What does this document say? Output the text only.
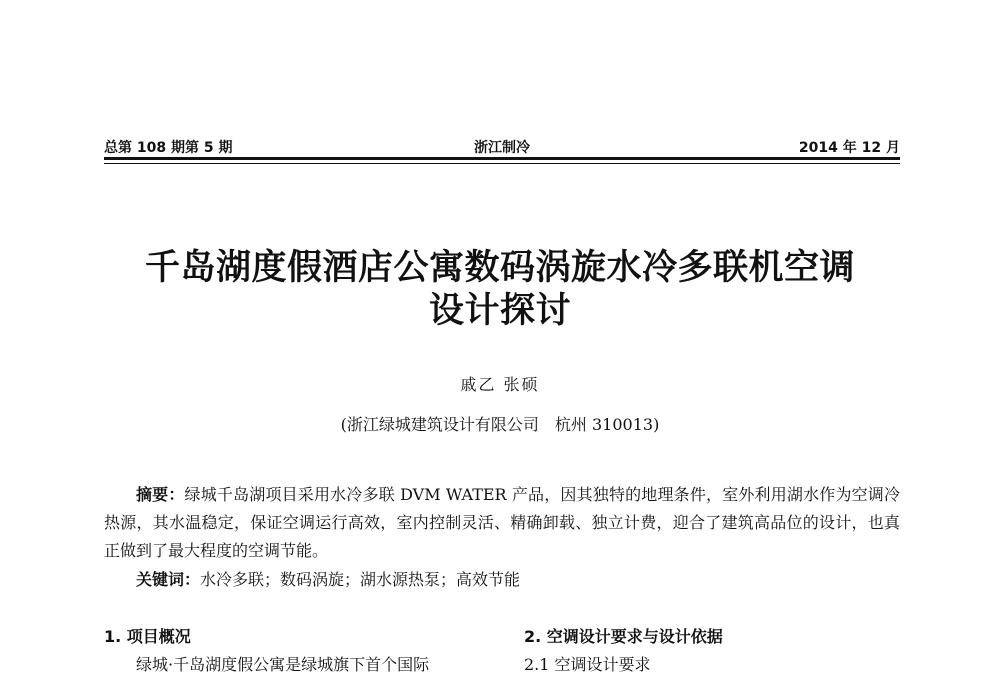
总第 108 期第 5 期	浙江制冷	2014 年 12 月
千岛湖度假酒店公寓数码涡旋水冷多联机空调
设计探讨
戚乙 张硕
(浙江绿城建筑设计有限公司　杭州 310013)

摘要：绿城千岛湖项目采用水冷多联 DVM WATER 产品，因其独特的地理条件，室外利用湖水作为空调冷热源，其水温稳定，保证空调运行高效，室内控制灵活、精确卸载、独立计费，迎合了建筑高品位的设计，也真正做到了最大程度的空调节能。

关键词：水冷多联；数码涡旋；湖水源热泵；高效节能

1. 项目概况

绿城·千岛湖度假公寓是绿城旗下首个国际

2. 空调设计要求与设计依据

2.1 空调设计要求
